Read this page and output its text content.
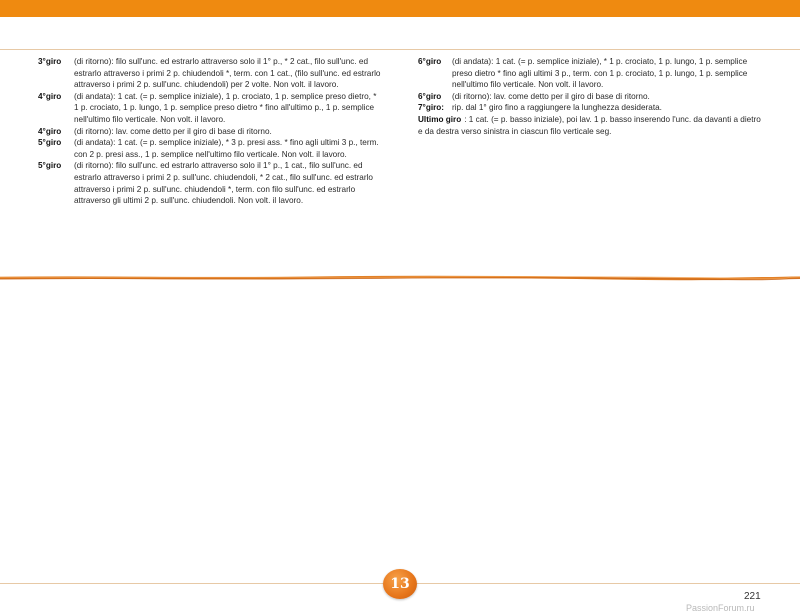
3°giro	(di ritorno): filo sull'unc. ed estrarlo attraverso solo il 1° p., * 2 cat., filo sull'unc. ed estrarlo attraverso i primi 2 p. chiudendoli *, term. con 1 cat., (filo sull'unc. ed estrarlo attraverso i primi 2 p. sull'unc. chiudendoli) per 2 volte. Non volt. il lavoro.
4°giro	(di andata): 1 cat. (= p. semplice iniziale), 1 p. crociato, 1 p. semplice preso dietro, * 1 p. crociato, 1 p. lungo, 1 p. semplice preso dietro * fino all'ultimo p., 1 p. semplice nell'ultimo filo verticale. Non volt. il lavoro.
4°giro	(di ritorno): lav. come detto per il giro di base di ritorno.
5°giro	(di andata): 1 cat. (= p. semplice iniziale), * 3 p. presi ass. * fino agli ultimi 3 p., term. con 2 p. presi ass., 1 p. semplice nell'ultimo filo verticale. Non volt. il lavoro.
5°giro	(di ritorno): filo sull'unc. ed estrarlo attraverso solo il 1° p., 1 cat., filo sull'unc. ed estrarlo attraverso i primi 2 p. sull'unc. chiudendoli, * 2 cat., filo sull'unc. ed estrarlo attraverso i primi 2 p. sull'unc. chiudendoli *, term. con filo sull'unc. ed estrarlo attraverso gli ultimi 2 p. sull'unc. chiudendoli. Non volt. il lavoro.
6°giro	(di andata): 1 cat. (= p. semplice iniziale), * 1 p. crociato, 1 p. lungo, 1 p. semplice preso dietro * fino agli ultimi 3 p., term. con 1 p. crociato, 1 p. lungo, 1 p. semplice nell'ultimo filo verticale. Non volt. il lavoro.
6°giro	(di ritorno): lav. come detto per il giro di base di ritorno.
7°giro: rip. dal 1° giro fino a raggiungere la lunghezza desiderata.
Ultimo giro : 1 cat. (= p. basso iniziale), poi lav. 1 p. basso inserendo l'unc. da davanti a dietro e da destra verso sinistra in ciascun filo verticale seg.
13
221
PassionForum.ru
